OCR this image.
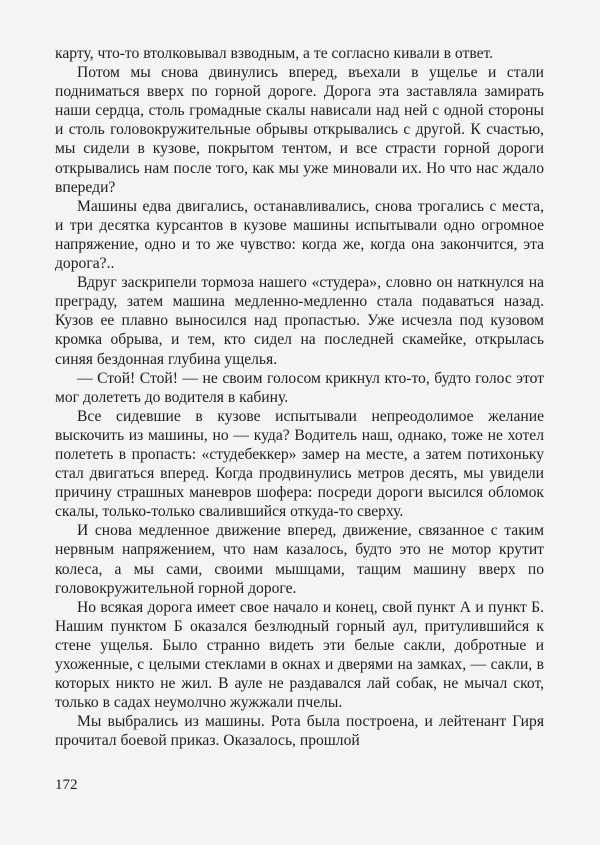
карту, что-то втолковывал взводным, а те согласно кивали в ответ.

Потом мы снова двинулись вперед, въехали в ущелье и стали подниматься вверх по горной дороге. Дорога эта заставляла замирать наши сердца, столь громадные скалы нависали над ней с одной стороны и столь головокружительные обрывы открывались с другой. К счастью, мы сидели в кузове, покрытом тентом, и все страсти горной дороги открывались нам после того, как мы уже миновали их. Но что нас ждало впереди?

Машины едва двигались, останавливались, снова трогались с места, и три десятка курсантов в кузове машины испытывали одно огромное напряжение, одно и то же чувство: когда же, когда она закончится, эта дорога?..

Вдруг заскрипели тормоза нашего «студера», словно он наткнулся на преграду, затем машина медленно-медленно стала подаваться назад. Кузов ее плавно выносился над пропастью. Уже исчезла под кузовом кромка обрыва, и тем, кто сидел на последней скамейке, открылась синяя бездонная глубина ущелья.

— Стой! Стой! — не своим голосом крикнул кто-то, будто голос этот мог долететь до водителя в кабину.

Все сидевшие в кузове испытывали непреодолимое желание выскочить из машины, но — куда? Водитель наш, однако, тоже не хотел полететь в пропасть: «студебеккер» замер на месте, а затем потихоньку стал двигаться вперед. Когда продвинулись метров десять, мы увидели причину страшных маневров шофера: посреди дороги высился обломок скалы, только-только свалившийся откуда-то сверху.

И снова медленное движение вперед, движение, связанное с таким нервным напряжением, что нам казалось, будто это не мотор крутит колеса, а мы сами, своими мышцами, тащим машину вверх по головокружительной горной дороге.

Но всякая дорога имеет свое начало и конец, свой пункт А и пункт Б. Нашим пунктом Б оказался безлюдный горный аул, притулившийся к стене ущелья. Было странно видеть эти белые сакли, добротные и ухоженные, с целыми стеклами в окнах и дверями на замках, — сакли, в которых никто не жил. В ауле не раздавался лай собак, не мычал скот, только в садах неумолчно жужжали пчелы.

Мы выбрались из машины. Рота была построена, и лейтенант Гиря прочитал боевой приказ. Оказалось, прошлой

172
